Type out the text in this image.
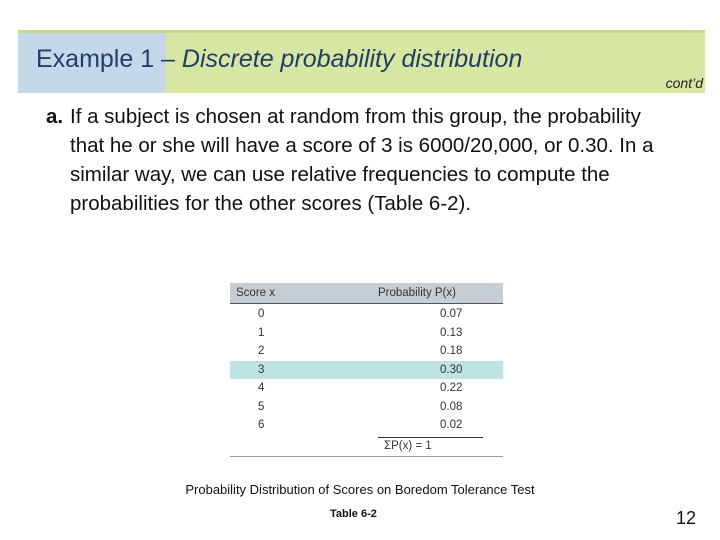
Example 1 – Discrete probability distribution
cont’d
a. If a subject is chosen at random from this group, the probability that he or she will have a score of 3 is 6000/20,000, or 0.30. In a similar way, we can use relative frequencies to compute the probabilities for the other scores (Table 6-2).
Score x	Probability P(x)
0	0.07
1	0.13
2	0.18
3	0.30
4	0.22
5	0.08
6	0.02
ΣP(x) = 1
Probability Distribution of Scores on Boredom Tolerance Test
Table 6-2	12
